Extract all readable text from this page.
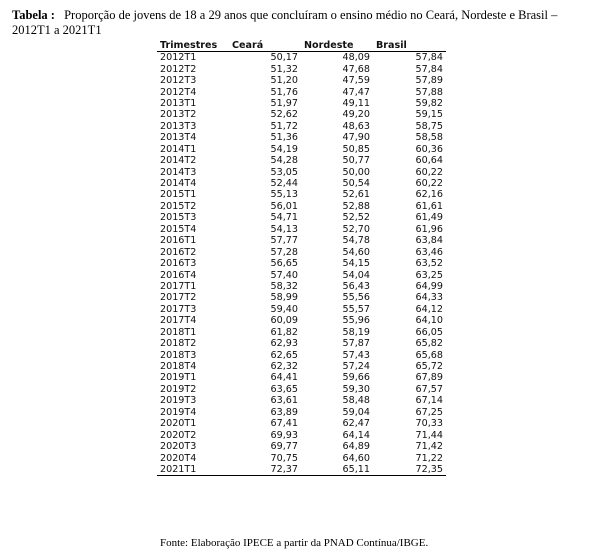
Tabela : Proporção de jovens de 18 a 29 anos que concluíram o ensino médio no Ceará, Nordeste e Brasil – 2012T1 a 2021T1
Trimestres	Ceará	Nordeste	Brasil
2012T1	50,17	48,09	57,84
2012T2	51,32	47,68	57,84
2012T3	51,20	47,59	57,89
2012T4	51,76	47,47	57,88
2013T1	51,97	49,11	59,82
2013T2	52,62	49,20	59,15
2013T3	51,72	48,63	58,75
2013T4	51,36	47,90	58,58
2014T1	54,19	50,85	60,36
2014T2	54,28	50,77	60,64
2014T3	53,05	50,00	60,22
2014T4	52,44	50,54	60,22
2015T1	55,13	52,61	62,16
2015T2	56,01	52,88	61,61
2015T3	54,71	52,52	61,49
2015T4	54,13	52,70	61,96
2016T1	57,77	54,78	63,84
2016T2	57,28	54,60	63,46
2016T3	56,65	54,15	63,52
2016T4	57,40	54,04	63,25
2017T1	58,32	56,43	64,99
2017T2	58,99	55,56	64,33
2017T3	59,40	55,57	64,12
2017T4	60,09	55,96	64,10
2018T1	61,82	58,19	66,05
2018T2	62,93	57,87	65,82
2018T3	62,65	57,43	65,68
2018T4	62,32	57,24	65,72
2019T1	64,41	59,66	67,89
2019T2	63,65	59,30	67,57
2019T3	63,61	58,48	67,14
2019T4	63,89	59,04	67,25
2020T1	67,41	62,47	70,33
2020T2	69,93	64,14	71,44
2020T3	69,77	64,89	71,42
2020T4	70,75	64,60	71,22
2021T1	72,37	65,11	72,35
Fonte: Elaboração IPECE a partir da PNAD Contínua/IBGE.
